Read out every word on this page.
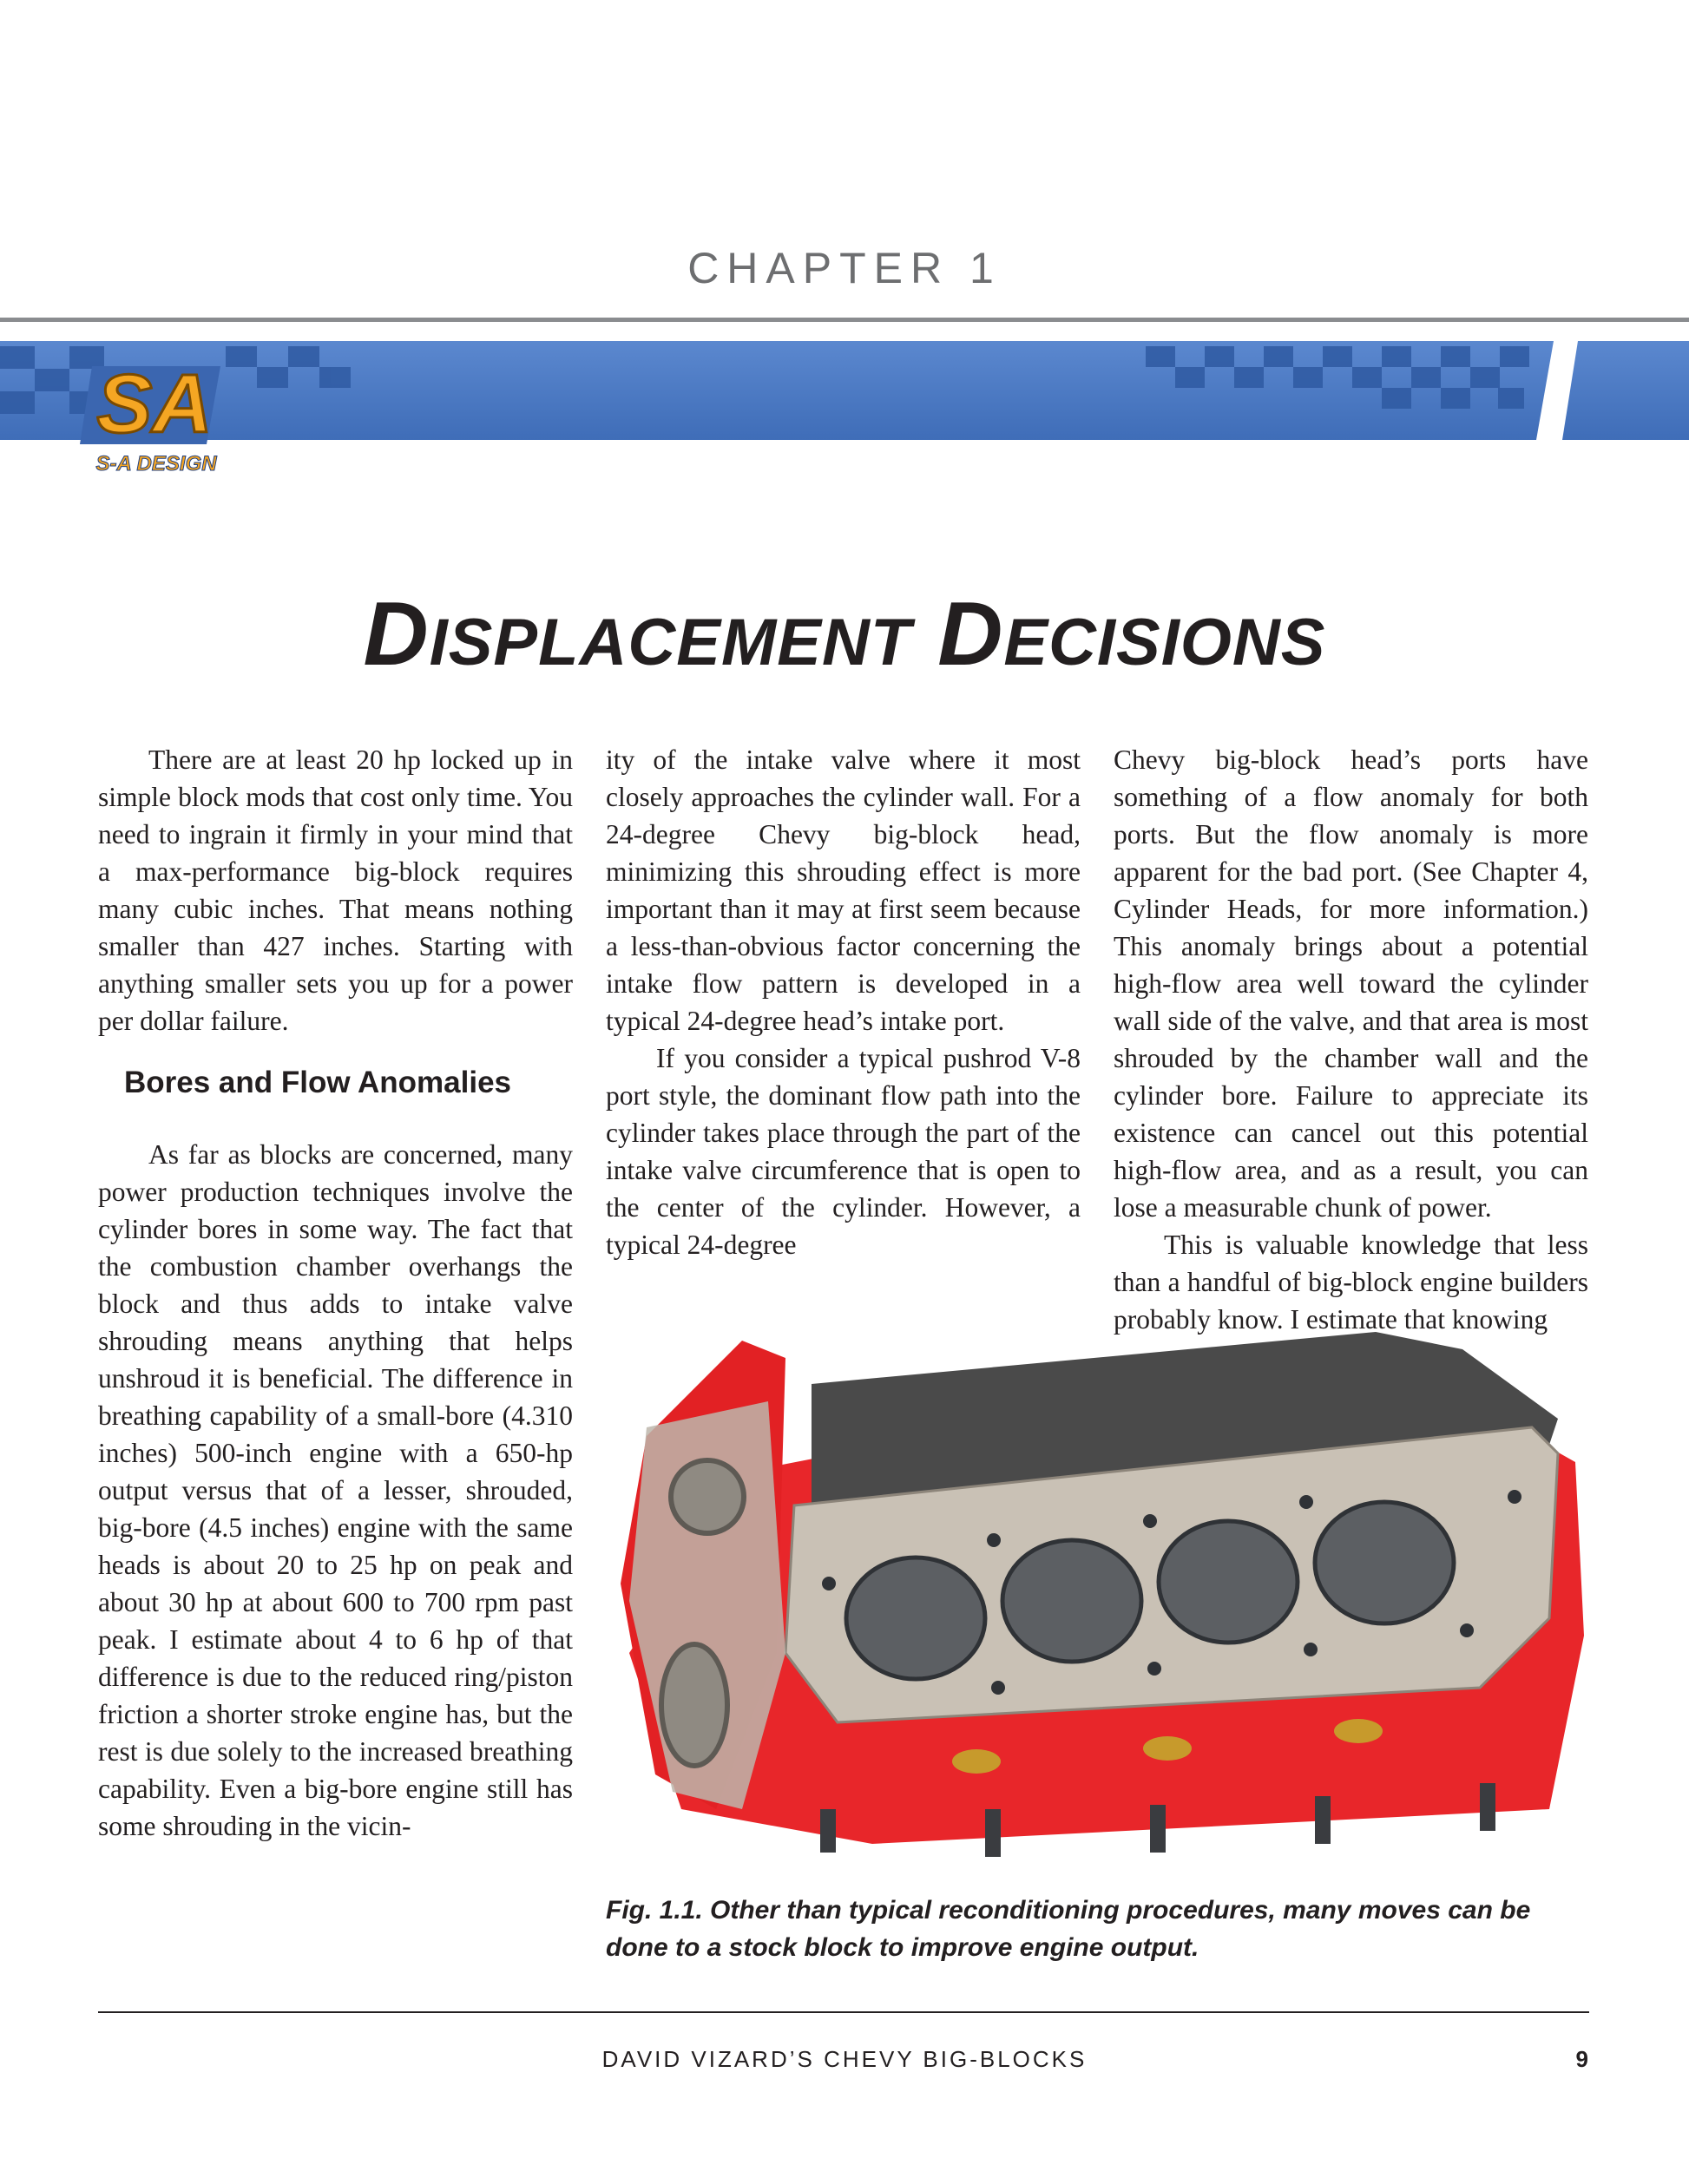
CHAPTER 1
SA
S-A DESIGN
DISPLACEMENT DECISIONS

There are at least 20 hp locked up in simple block mods that cost only time. You need to ingrain it firmly in your mind that a max-performance big-block requires many cubic inches. That means nothing smaller than 427 inches. Starting with anything smaller sets you up for a power per dollar failure.

Bores and Flow Anomalies

As far as blocks are concerned, many power production techniques involve the cylinder bores in some way. The fact that the combustion chamber overhangs the block and thus adds to intake valve shrouding means anything that helps unshroud it is beneficial. The difference in breathing capability of a small-bore (4.310 inches) 500-inch engine with a 650-hp output versus that of a lesser, shrouded, big-bore (4.5 inches) engine with the same heads is about 20 to 25 hp on peak and about 30 hp at about 600 to 700 rpm past peak. I estimate about 4 to 6 hp of that difference is due to the reduced ring/piston friction a shorter stroke engine has, but the rest is due solely to the increased breathing capability. Even a big-bore engine still has some shrouding in the vicin-

ity of the intake valve where it most closely approaches the cylinder wall. For a 24-degree Chevy big-block head, minimizing this shrouding effect is more important than it may at first seem because a less-than-obvious factor concerning the intake flow pattern is developed in a typical 24-degree head’s intake port.

If you consider a typical pushrod V-8 port style, the dominant flow path into the cylinder takes place through the part of the intake valve circumference that is open to the center of the cylinder. However, a typical 24-degree

Chevy big-block head’s ports have something of a flow anomaly for both ports. But the flow anomaly is more apparent for the bad port. (See Chapter 4, Cylinder Heads, for more information.) This anomaly brings about a potential high-flow area well toward the cylinder wall side of the valve, and that area is most shrouded by the chamber wall and the cylinder bore. Failure to appreciate its existence can cancel out this potential high-flow area, and as a result, you can lose a measurable chunk of power.

This is valuable knowledge that less than a handful of big-block engine builders probably know. I estimate that knowing

Fig. 1.1. Other than typical reconditioning procedures, many moves can be done to a stock block to improve engine output.
DAVID VIZARD’S CHEVY BIG-BLOCKS	9
